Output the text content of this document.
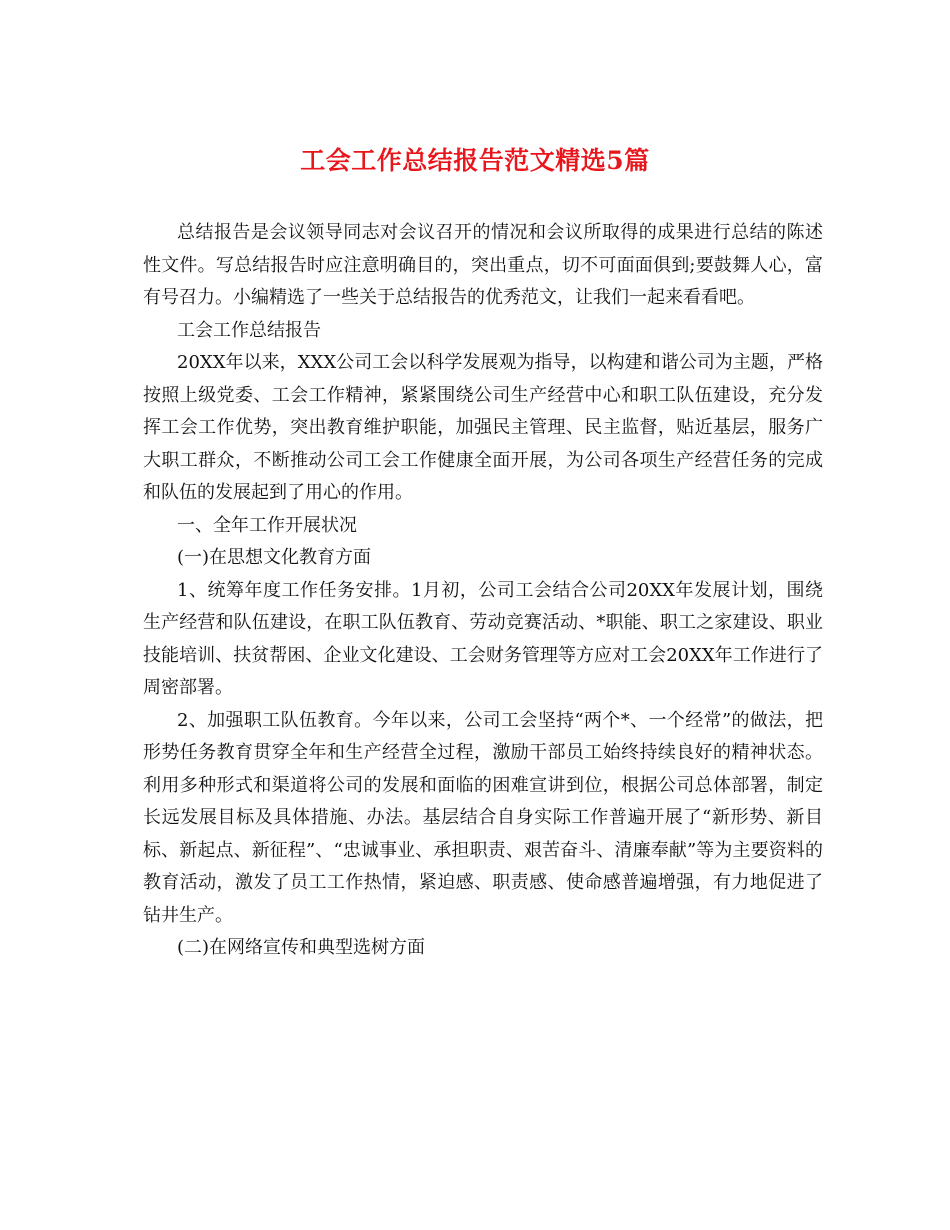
工会工作总结报告范文精选5篇

总结报告是会议领导同志对会议召开的情况和会议所取得的成果进行总结的陈述性文件。写总结报告时应注意明确目的，突出重点，切不可面面俱到;要鼓舞人心，富有号召力。小编精选了一些关于总结报告的优秀范文，让我们一起来看看吧。

工会工作总结报告

20XX年以来，XXX公司工会以科学发展观为指导，以构建和谐公司为主题，严格按照上级党委、工会工作精神，紧紧围绕公司生产经营中心和职工队伍建设，充分发挥工会工作优势，突出教育维护职能，加强民主管理、民主监督，贴近基层，服务广大职工群众，不断推动公司工会工作健康全面开展，为公司各项生产经营任务的完成和队伍的发展起到了用心的作用。

一、全年工作开展状况

(一)在思想文化教育方面

1、统筹年度工作任务安排。1月初，公司工会结合公司20XX年发展计划，围绕生产经营和队伍建设，在职工队伍教育、劳动竞赛活动、*职能、职工之家建设、职业技能培训、扶贫帮困、企业文化建设、工会财务管理等方应对工会20XX年工作进行了周密部署。

2、加强职工队伍教育。今年以来，公司工会坚持“两个*、一个经常”的做法，把形势任务教育贯穿全年和生产经营全过程，激励干部员工始终持续良好的精神状态。利用多种形式和渠道将公司的发展和面临的困难宣讲到位，根据公司总体部署，制定长远发展目标及具体措施、办法。基层结合自身实际工作普遍开展了“新形势、新目标、新起点、新征程”、“忠诚事业、承担职责、艰苦奋斗、清廉奉献”等为主要资料的教育活动，激发了员工工作热情，紧迫感、职责感、使命感普遍增强，有力地促进了钻井生产。

(二)在网络宣传和典型选树方面
